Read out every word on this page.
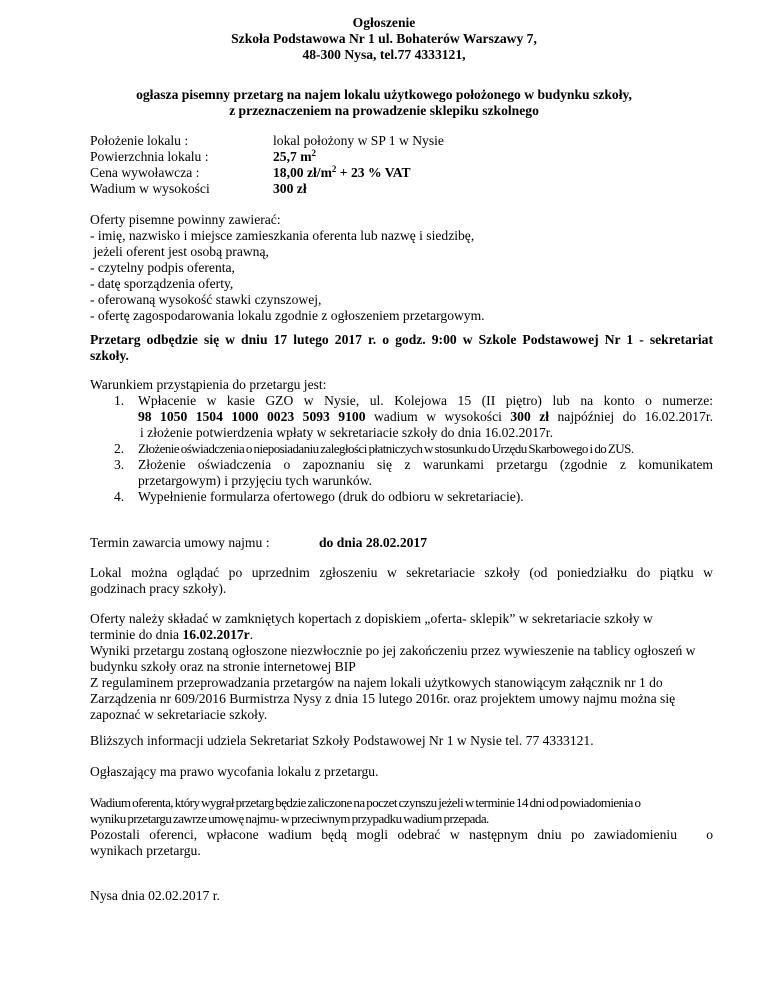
Ogłoszenie
Szkoła Podstawowa Nr 1 ul. Bohaterów Warszawy 7,
48-300 Nysa, tel.77 4333121,
ogłasza pisemny przetarg na najem lokalu użytkowego położonego w budynku szkoły,
z przeznaczeniem na prowadzenie sklepiku szkolnego
Położenie lokalu :	lokal położony w SP 1 w Nysie
Powierzchnia lokalu :	25,7 $m^2$
Cena wywoławcza :	18,00 $zł/m^2 + 23$ % VAT
Wadium w wysokości	300 zł
Oferty pisemne powinny zawierać:
- imię, nazwisko i miejsce zamieszkania oferenta lub nazwę i siedzibę,
jeżeli oferent jest osobą prawną,
- czytelny podpis oferenta,
- datę sporządzenia oferty,
- oferowaną wysokość stawki czynszowej,
- ofertę zagospodarowania lokalu zgodnie z ogłoszeniem przetargowym.
Przetarg odbędzie się w dniu 17 lutego 2017 r. o godz. 9:00 w Szkole Podstawowej Nr 1 - sekretariat
szkoły.
Warunkiem przystąpienia do przetargu jest:
1. Wpłacenie w kasie GZO w Nysie, ul. Kolejowa 15 (II piętro) lub na konto o numerze:
98 1050 1504 1000 0023 5093 9100 wadium w wysokości 300 zł najpóźniej do 16.02.2017r.
i złożenie potwierdzenia wpłaty w sekretariacie szkoły do dnia 16.02.2017r.
2. Złożenie oświadczenia o nieposiadaniu zaległości płatniczych w stosunku do Urzędu Skarbowego i do ZUS.
3. Złożenie oświadczenia o zapoznaniu się z warunkami przetargu (zgodnie z komunikatem
przetargowym) i przyjęciu tych warunków.
4. Wypełnienie formularza ofertowego (druk do odbioru w sekretariacie).
Termin zawarcia umowy najmu :	do dnia 28.02.2017
Lokal można oglądać po uprzednim zgłoszeniu w sekretariacie szkoły (od poniedziałku do piątku w
godzinach pracy szkoły).
Oferty należy składać w zamkniętych kopertach z dopiskiem „oferta- sklepik” w sekretariacie szkoły w
terminie do dnia 16.02.2017r.
Wyniki przetargu zostaną ogłoszone niezwłocznie po jej zakończeniu przez wywieszenie na tablicy ogłoszeń w
budynku szkoły oraz na stronie internetowej BIP
Z regulaminem przeprowadzania przetargów na najem lokali użytkowych stanowiącym załącznik nr 1 do
Zarządzenia nr 609/2016 Burmistrza Nysy z dnia 15 lutego 2016r. oraz projektem umowy najmu można się
zapoznać w sekretariacie szkoły.
Bliższych informacji udziela Sekretariat Szkoły Podstawowej Nr 1 w Nysie tel. 77 4333121.
Ogłaszający ma prawo wycofania lokalu z przetargu.
Wadium oferenta, który wygrał przetarg będzie zaliczone na poczet czynszu jeżeli w terminie 14 dni od powiadomienia o
wyniku przetargu zawrze umowę najmu- w przeciwnym przypadku wadium przepada.
Pozostali oferenci, wpłacone wadium będą mogli odebrać w następnym dniu po zawiadomieniu o
wynikach przetargu.
Nysa dnia 02.02.2017 r.
